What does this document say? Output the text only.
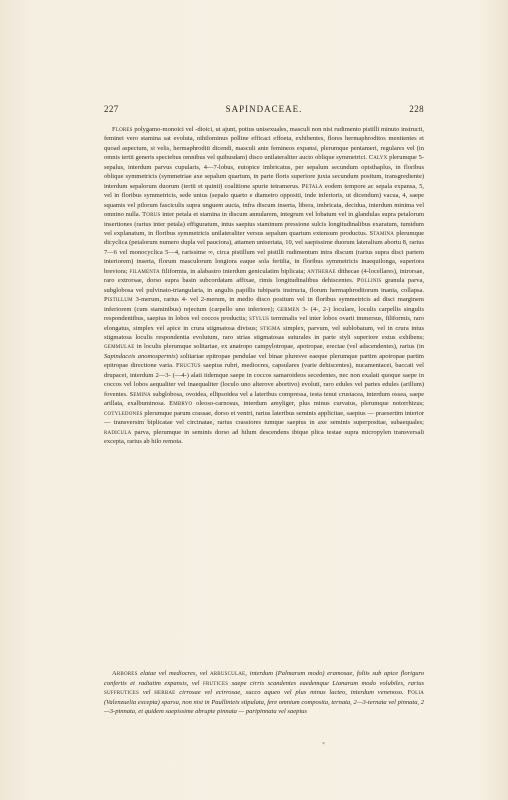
227	SAPINDACEAE.	228
Flores polygamo-monoici vel -dioici, ut ajunt, potius unisexuales, masculi non nisi rudimento pistilli minuto instructi, feminei vero stamina sat evoluta, nihilominus polline efficaci effoeta, exhibentes, flores hermaphroditos mentientes et quoad aspectum, si velis, hermaphroditi dicendi, masculi ante femineos expansi, plerumque pentameri, regulares vel (in omnis tertii generis speciebus omnibus vel quibusdam) disco unilateraliter aucto oblique symmetrici. Calyx plerumque 5-sepalus, interdum parvus cupularis, 4—7-lobus, eutopice imbricatus, per sepalum secundum opisthaplus, in floribus oblique symmetricis (symmetriae axe sepalum quartum, in parte floris superiore juxta secundum positum, transgrediente) interdum sepalorum duorum (tertii et quinti) coalitione spurie tetramerus. Petala eodem tempore ac sepala expansa, 5, vel in floribus symmetricis, sede unius (sepalo quarto e diametro oppositi, inde inferioris, ut dicendum) vacua, 4, saepe squamis vel pilorum fasciculis supra unguem aucta, infra discum inserta, libera, imbricata, decidua, interdum minima vel omnino nulla. Torus inter petala et stamina in discum annularem, integrum vel lobatum vel in glandulas supra petalorum insertiones (rarius inter petala) effiguratum, intus saepius staminum pressione sulcis longitudinalibus exaratum, tumidum vel explanatum, in floribus symmetricis unilateraliter versus sepalum quartum extensum productus. Stamina plerumque dicyclica (petalorum numero dupla vel pauciora), attamen uniseriata, 10, vel saepissime duorum lateralium abortu 8, rarius 7—6 vel monocyclica 5—4, rarissime ∞, circa pistillum vel pistilli rudimentum intra discum (rarius supra disci partem interiorem) inserta, florum masculorum longiora eaque sola fertilia, in floribus symmetricis inaequilonga, superiora breviora; filamenta filiformia, in alabastro interdum geniculatim biplicata; antherae dithecae (4-locellares), introrsae, raro extrorsae, dorso supra basin subcordatam affixae, rimis longitudinalibus dehiscentes. Pollinis granula parva, subglobosa vel pulvinato-triangularia, in angulis papillis tubiparis instructa, florum hermaphroditorum inania, collapsa. Pistillum 3-merum, rarius 4- vel 2-merum, in medio disco positum vel in floribus symmetricis ad disci marginem inferiorem (cum staminibus) rejectum (carpello uno inferiore); germen 3- (4-, 2-) loculare, loculis carpellis singulis respondentibus, saepius in lobos vel coccos productis; stylus terminalis vel inter lobos ovarii immersus, filiformis, raro elongatus, simplex vel apice in crura stigmatosa divisus; stigma simplex, parvum, vel sublobatum, vel in crura intus stigmatosa loculis respondentia evolutum, raro strias stigmatosas suturales in parte styli superiore extus exhibens; gemmulae in loculis plerumque solitariae, ex anatropo campylotropae, apotropae, erectae (vel adscendentes), rarius (in Sapindaceis anomospermis) solitariae epitropae pendulae vel binae pluresve eaeque plerumque partim apotropae partim epitropae directione varia. Fructus saepius rubri, mediocres, capsulares (varie dehiscentes), nucamentacei, baccati vel drupacei, interdum 2—3- (—4-) alati iidemque saepe in coccos samaroideos secedentes, nec non exalati quoque saepe in coccos vel lobos aequaliter vel inaequaliter (loculo uno alterove abortivo) evoluti, raro edules vel partes edules (arillum) foventes. Semina subglobosa, ovoidea, ellipsoidea vel a lateribus compressa, testa tenui crustacea, interdum ossea, saepe arillata, exalbuminosa. Embryo oleoso-carnosus, interdum amyliger, plus minus curvatus, plerumque notorrhizus; cotyledones plerumque parum crassae, dorso et ventri, rarius lateribus seminis applicitae, saepius — praesertim interior — transversim biplicatae vel circinatae, rarius crassiores tumque saepius in axe seminis superpositae, subaequales; radicula parva, plerumque in seminis dorso ad hilum descendens ibique plica testae supra micropylen transversali excepta, rarius ab hilo remota.
Arbores elatae vel mediocres, vel arbusculae, interdum (Palmarum modo) eramosae, foliis sub apice floriguro confertis et radiatim expansis, vel frutices saepe cirris scandentes eaedemque Lianarum modo volubiles, rarius suffrutices vel herbae cirrosae vel ecirrosae, succo aqueo vel plus minus lacteo, interdum venenoso. Folia (Valenzuelia excepta) sparsa, non nisi in Paullinieis stipulata, fere omnium composita, ternata, 2—3-ternata vel pinnata, 2—3-pinnata, et quidem saepissime abrupte pinnata — paripinnata vel saepius
*
